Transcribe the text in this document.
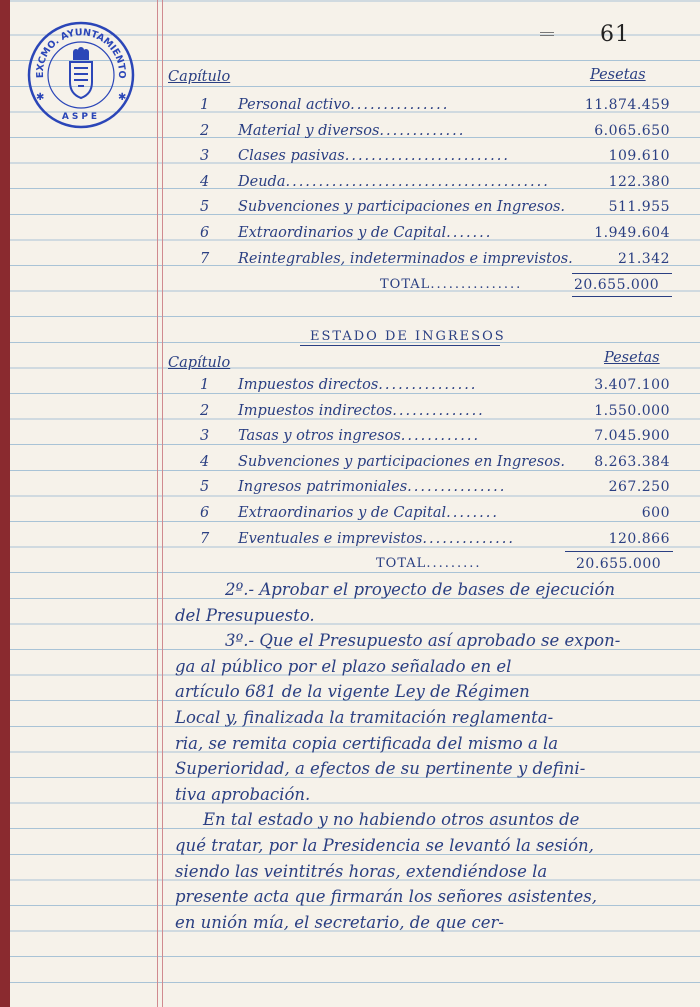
EXCMO. AYUNTAMIENTO
ASPE
✱	✱
61
Capítulo	Pesetas
1 Personal activo...............	11.874.459
2 Material y diversos.............	6.065.650
3 Clases pasivas.........................	109.610
4 Deuda........................................	122.380
5 Subvenciones y participaciones en Ingresos.	511.955
6 Extraordinarios y de Capital.......	1.949.604
7 Reintegrables, indeterminados e imprevistos.	21.342
TOTAL...............	20.655.000
ESTADO DE INGRESOS
Capítulo	Pesetas
1 Impuestos directos...............	3.407.100
2 Impuestos indirectos..............	1.550.000
3 Tasas y otros ingresos............	7.045.900
4 Subvenciones y participaciones en Ingresos. 8.263.384
5 Ingresos patrimoniales...............	267.250
6 Extraordinarios y de Capital........	600
7 Eventuales e imprevistos..............	120.866
TOTAL.........	20.655.000
2º.- Aprobar el proyecto de bases de ejecución
del Presupuesto.
3º.- Que el Presupuesto así aprobado se expon-
ga al público por el plazo señalado en el
artículo 681 de la vigente Ley de Régimen
Local y, finalizada la tramitación reglamenta-
ria, se remita copia certificada del mismo a la
Superioridad, a efectos de su pertinente y defini-
tiva aprobación.
En tal estado y no habiendo otros asuntos de
qué tratar, por la Presidencia se levantó la sesión,
siendo las veintitrés horas, extendiéndose la
presente acta que firmarán los señores asistentes,
en unión mía, el secretario, de que cer-
